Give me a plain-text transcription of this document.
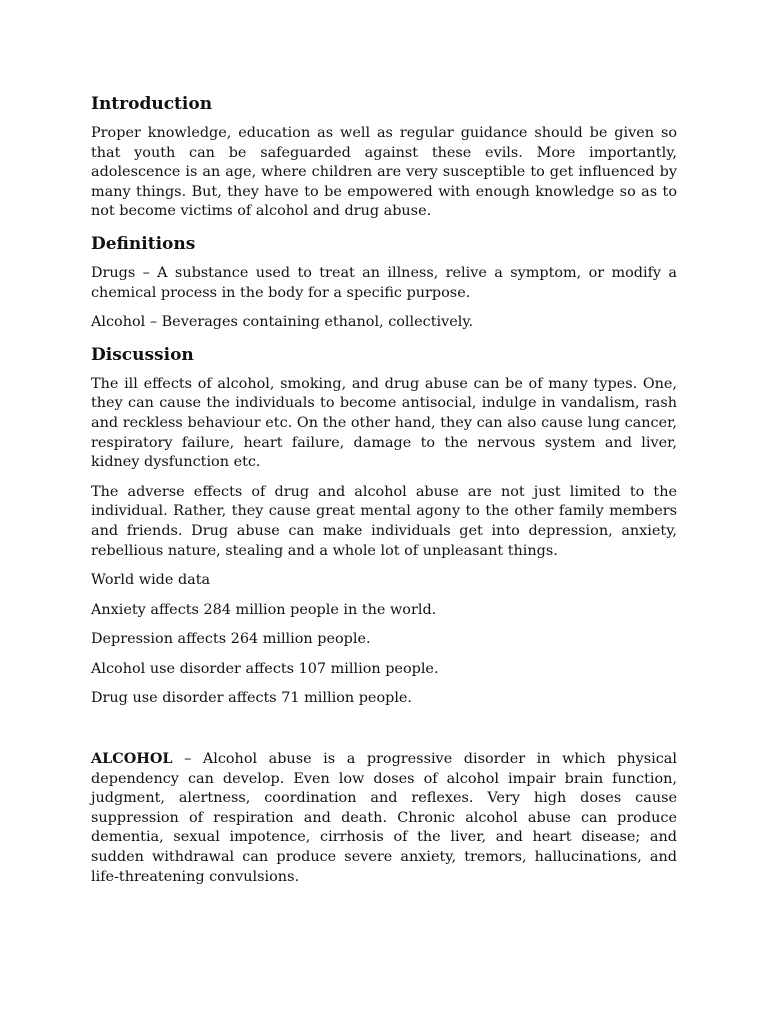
Introduction

Proper knowledge, education as well as regular guidance should be given so that youth can be safeguarded against these evils. More importantly, adolescence is an age, where children are very susceptible to get influenced by many things. But, they have to be empowered with enough knowledge so as to not become victims of alcohol and drug abuse.

Definitions

Drugs – A substance used to treat an illness, relive a symptom, or modify a chemical process in the body for a specific purpose.

Alcohol – Beverages containing ethanol, collectively.

Discussion

The ill effects of alcohol, smoking, and drug abuse can be of many types. One, they can cause the individuals to become antisocial, indulge in vandalism, rash and reckless behaviour etc. On the other hand, they can also cause lung cancer, respiratory failure, heart failure, damage to the nervous system and liver, kidney dysfunction etc.

The adverse effects of drug and alcohol abuse are not just limited to the individual. Rather, they cause great mental agony to the other family members and friends. Drug abuse can make individuals get into depression, anxiety, rebellious nature, stealing and a whole lot of unpleasant things.

World wide data

Anxiety affects 284 million people in the world.

Depression affects 264 million people.

Alcohol use disorder affects 107 million people.

Drug use disorder affects 71 million people.

ALCOHOL – Alcohol abuse is a progressive disorder in which physical dependency can develop. Even low doses of alcohol impair brain function, judgment, alertness, coordination and reflexes. Very high doses cause suppression of respiration and death. Chronic alcohol abuse can produce dementia, sexual impotence, cirrhosis of the liver, and heart disease; and sudden withdrawal can produce severe anxiety, tremors, hallucinations, and life-threatening convulsions.
